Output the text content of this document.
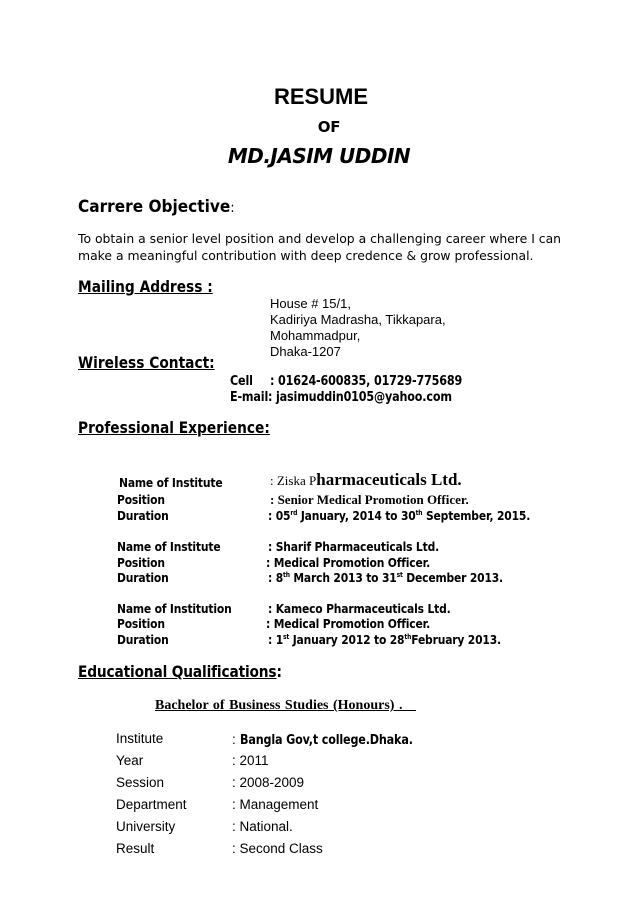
RESUME
OF
MD.JASIM UDDIN
Carrere Objective:
To obtain a senior level position and develop a challenging career where I can
make a meaningful contribution with deep credence & grow professional.
Mailing Address :
House # 15/1,
Kadiriya Madrasha, Tikkapara,
Mohammadpur,
Dhaka-1207
Wireless Contact:
Cell : 01624-600835, 01729-775689
E-mail : jasimuddin0105@yahoo.com
Professional Experience:
Name of Institute	: Ziska Pharmaceuticals Ltd.
Position	: Senior Medical Promotion Officer.
Duration	: 05rd January, 2014 to 30th September, 2015.
Name of Institute	: Sharif Pharmaceuticals Ltd.
Position	: Medical Promotion Officer.
Duration	: 8th March 2013 to 31st December 2013.
Name of Institution	: Kameco Pharmaceuticals Ltd.
Position	: Medical Promotion Officer.
Duration	: 1st January 2012 to 28thFebruary 2013.
Educational Qualifications:
Bachelor of Business Studies (Honours) .
Institute	: Bangla Gov,t college.Dhaka.
Year	: 2011
Session	: 2008-2009
Department	: Management
University	: National.
Result	: Second Class
